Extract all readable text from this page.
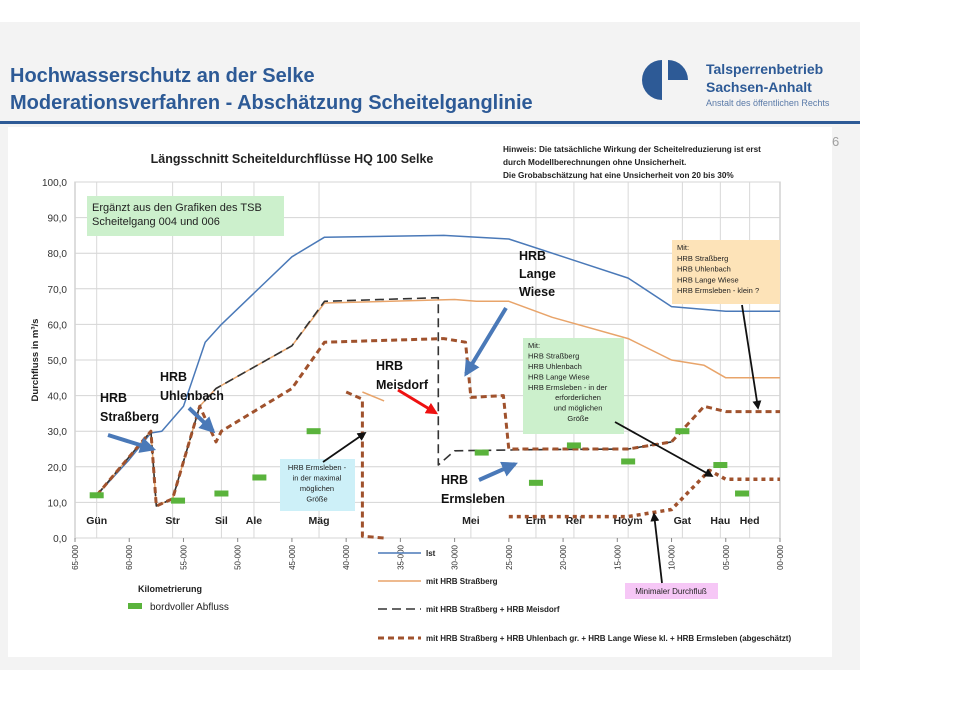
Hochwasserschutz an der Selke
Moderationsverfahren - Abschätzung Scheitelganglinie
Talsperrenbetrieb
Sachsen-Anhalt
Anstalt des öffentlichen Rechts
6
0,0
10,0
20,0
30,0
40,0
50,0
60,0
70,0
80,0
90,0
100,0
Gün	Str	Sil Ale	Mäg	Mei	Erm Rei	Hoym	Gat Hau Hed
65-000	60-000	55-000	50-000	45-000	40-000	35-000	30-000	25-000	20-000	15-000	10-000	05-000	00-000
Längsschnitt Scheiteldurchflüsse HQ 100 Selke
Durchfluss in m³/s
Kilometrierung
Hinweis: Die tatsächliche Wirkung der Scheitelreduzierung ist erst
durch Modellberechnungen ohne Unsicherheit.
Die Grobabschätzung hat eine Unsicherheit von 20 bis 30%
Ist
mit HRB Straßberg
mit HRB Straßberg + HRB Meisdorf
mit HRB Straßberg + HRB Uhlenbach gr. + HRB Lange Wiese kl. + HRB Ermsleben (abgeschätzt)
bordvoller Abfluss
Ergänzt aus den Grafiken des TSB
Scheitelgang 004 und 006
HRB Ermsleben -
in der maximal
möglichen
Größe
Mit:
HRB Straßberg
HRB Uhlenbach
HRB Lange Wiese
HRB Ermsleben - klein ?
Mit:
HRB Straßberg
HRB Uhlenbach
HRB Lange Wiese
HRB Ermsleben - in der
erforderlichen
und möglichen
Größe
Minimaler Durchfluß
HRB
Straßberg
HRB
Uhlenbach
HRB
Meisdorf
HRB
Lange
Wiese
HRB
Ermsleben
